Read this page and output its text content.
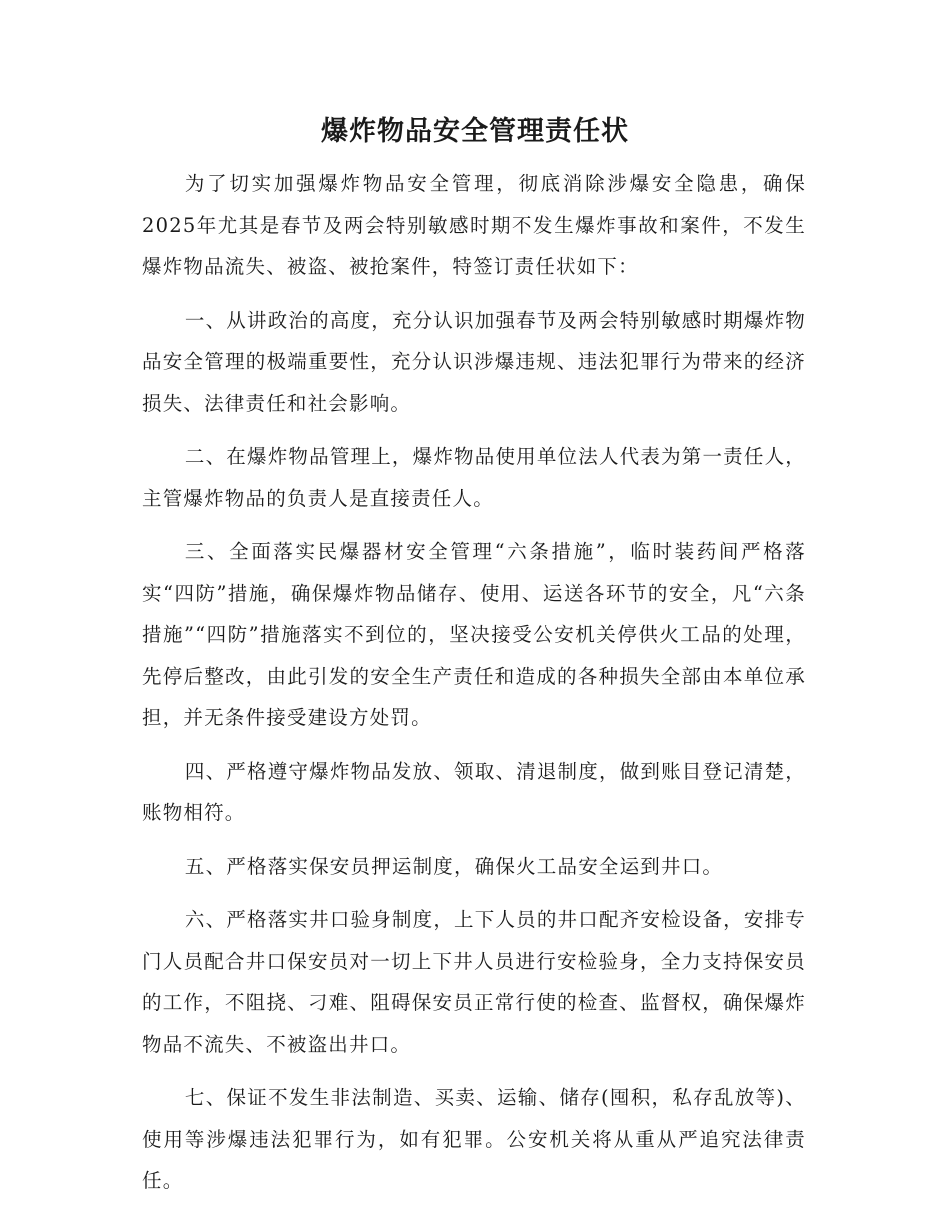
爆炸物品安全管理责任状

为了切实加强爆炸物品安全管理，彻底消除涉爆安全隐患，确保2025年尤其是春节及两会特别敏感时期不发生爆炸事故和案件，不发生爆炸物品流失、被盗、被抢案件，特签订责任状如下：

一、从讲政治的高度，充分认识加强春节及两会特别敏感时期爆炸物品安全管理的极端重要性，充分认识涉爆违规、违法犯罪行为带来的经济损失、法律责任和社会影响。

二、在爆炸物品管理上，爆炸物品使用单位法人代表为第一责任人，主管爆炸物品的负责人是直接责任人。

三、全面落实民爆器材安全管理“六条措施”，临时装药间严格落实“四防”措施，确保爆炸物品储存、使用、运送各环节的安全，凡“六条措施”“四防”措施落实不到位的，坚决接受公安机关停供火工品的处理，先停后整改，由此引发的安全生产责任和造成的各种损失全部由本单位承担，并无条件接受建设方处罚。

四、严格遵守爆炸物品发放、领取、清退制度，做到账目登记清楚，账物相符。

五、严格落实保安员押运制度，确保火工品安全运到井口。

六、严格落实井口验身制度，上下人员的井口配齐安检设备，安排专门人员配合井口保安员对一切上下井人员进行安检验身，全力支持保安员的工作，不阻挠、刁难、阻碍保安员正常行使的检查、监督权，确保爆炸物品不流失、不被盗出井口。

七、保证不发生非法制造、买卖、运输、储存(囤积，私存乱放等)、使用等涉爆违法犯罪行为，如有犯罪。公安机关将从重从严追究法律责任。
